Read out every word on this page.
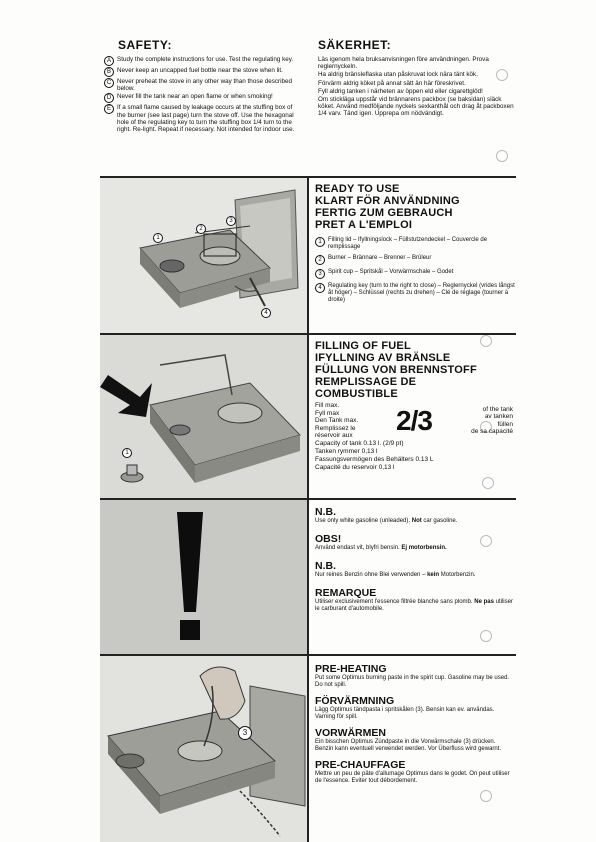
SAFETY:
A Study the complete instructions for use. Test the regulating key.
B Never keep an uncapped fuel bottle near the stove when lit.
C Never preheat the stove in any other way than those described below.
D Never fill the tank near an open flame or when smoking!
E If a small flame caused by leakage occurs at the stuffing box of the burner (see last page) turn the stove off. Use the hexagonal hole of the regulating key to turn the stuffing box 1/4 turn to the right. Re-light. Repeat if necessary. Not intended for indoor use.
SÄKERHET:
Läs igenom hela bruksanvisningen före användningen. Prova reglernyckeln.
Ha aldrig bränsleflaska utan påskruvat lock nära tänt kök.
Förvärm aldrig köket på annat sätt än här föreskrivet.
Fyll aldrig tanken i närheten av öppen eld eller cigarettglöd!
Om stickläga uppstår vid brännarens packbox (se baksidan) släck köket. Använd medföljande nyckels sexkanthål och drag åt packboxen 1/4 varv. Tänd igen. Upprepa om nödvändigt.
1
2
3
4
READY TO USE
KLART FÖR ANVÄNDNING
FERTIG ZUM GEBRAUCH
PRET A L'EMPLOI
1	Filling lid – Ifyllningslock – Füllstutzendeckel – Couvercle de remplissage
2	Burner – Brännare – Brenner – Brûleur
3	Spirit cup – Spritskål – Vorwärmschale – Godet
4	Regulating key (turn to the right to close) – Reglernyckel (vrides långst åt höger) – Schlüssel (rechts zu drehen) – Clé de réglage (tourner à droite)
1
FILLING OF FUEL
IFYLLNING AV BRÄNSLE
FÜLLUNG VON BRENNSTOFF
REMPLISSAGE DE
COMBUSTIBLE
Fill max.
Fyll max
Den Tank max.
Remplissez le
réservoir aux	2/3	of the tank
av tanken
füllen
de sa capacité
Capacity of tank 0.13 l. (2/9 pt)
Tanken rymmer 0,13 l
Fassungsvermögen des Behälters 0.13 L
Capacité du reservoir 0,13 l
N.B.
Use only white gasoline (unleaded). Not car gasoline.
OBS!
Använd endast vit, blyfri bensin. Ej motorbensin.
N.B.
Nur reines Benzin ohne Blei verwenden – kein Motorbenzin.
REMARQUE
Utiliser exclusivement l'essence filtrée blanche sans plomb. Ne pas utiliser le carburant d'automobile.
3
PRE-HEATING
Put some Optimus burning paste in the spirit cup. Gasoline may be used. Do not spill.
FÖRVÄRMNING
Lägg Optimus tändpasta i spritskålen (3). Bensin kan ev. användas. Varning för spill.
VORWÄRMEN
Ein bisschen Optimus Zündpaste in die Vorwärmschale (3) drücken. Benzin kann eventuell verwendet werden. Vor Überfluss wird gewarnt.
PRE-CHAUFFAGE
Mettre un peu de pâte d'allumage Optimus dans le godet. On peut utiliser de l'essence. Eviter tout débordement.
